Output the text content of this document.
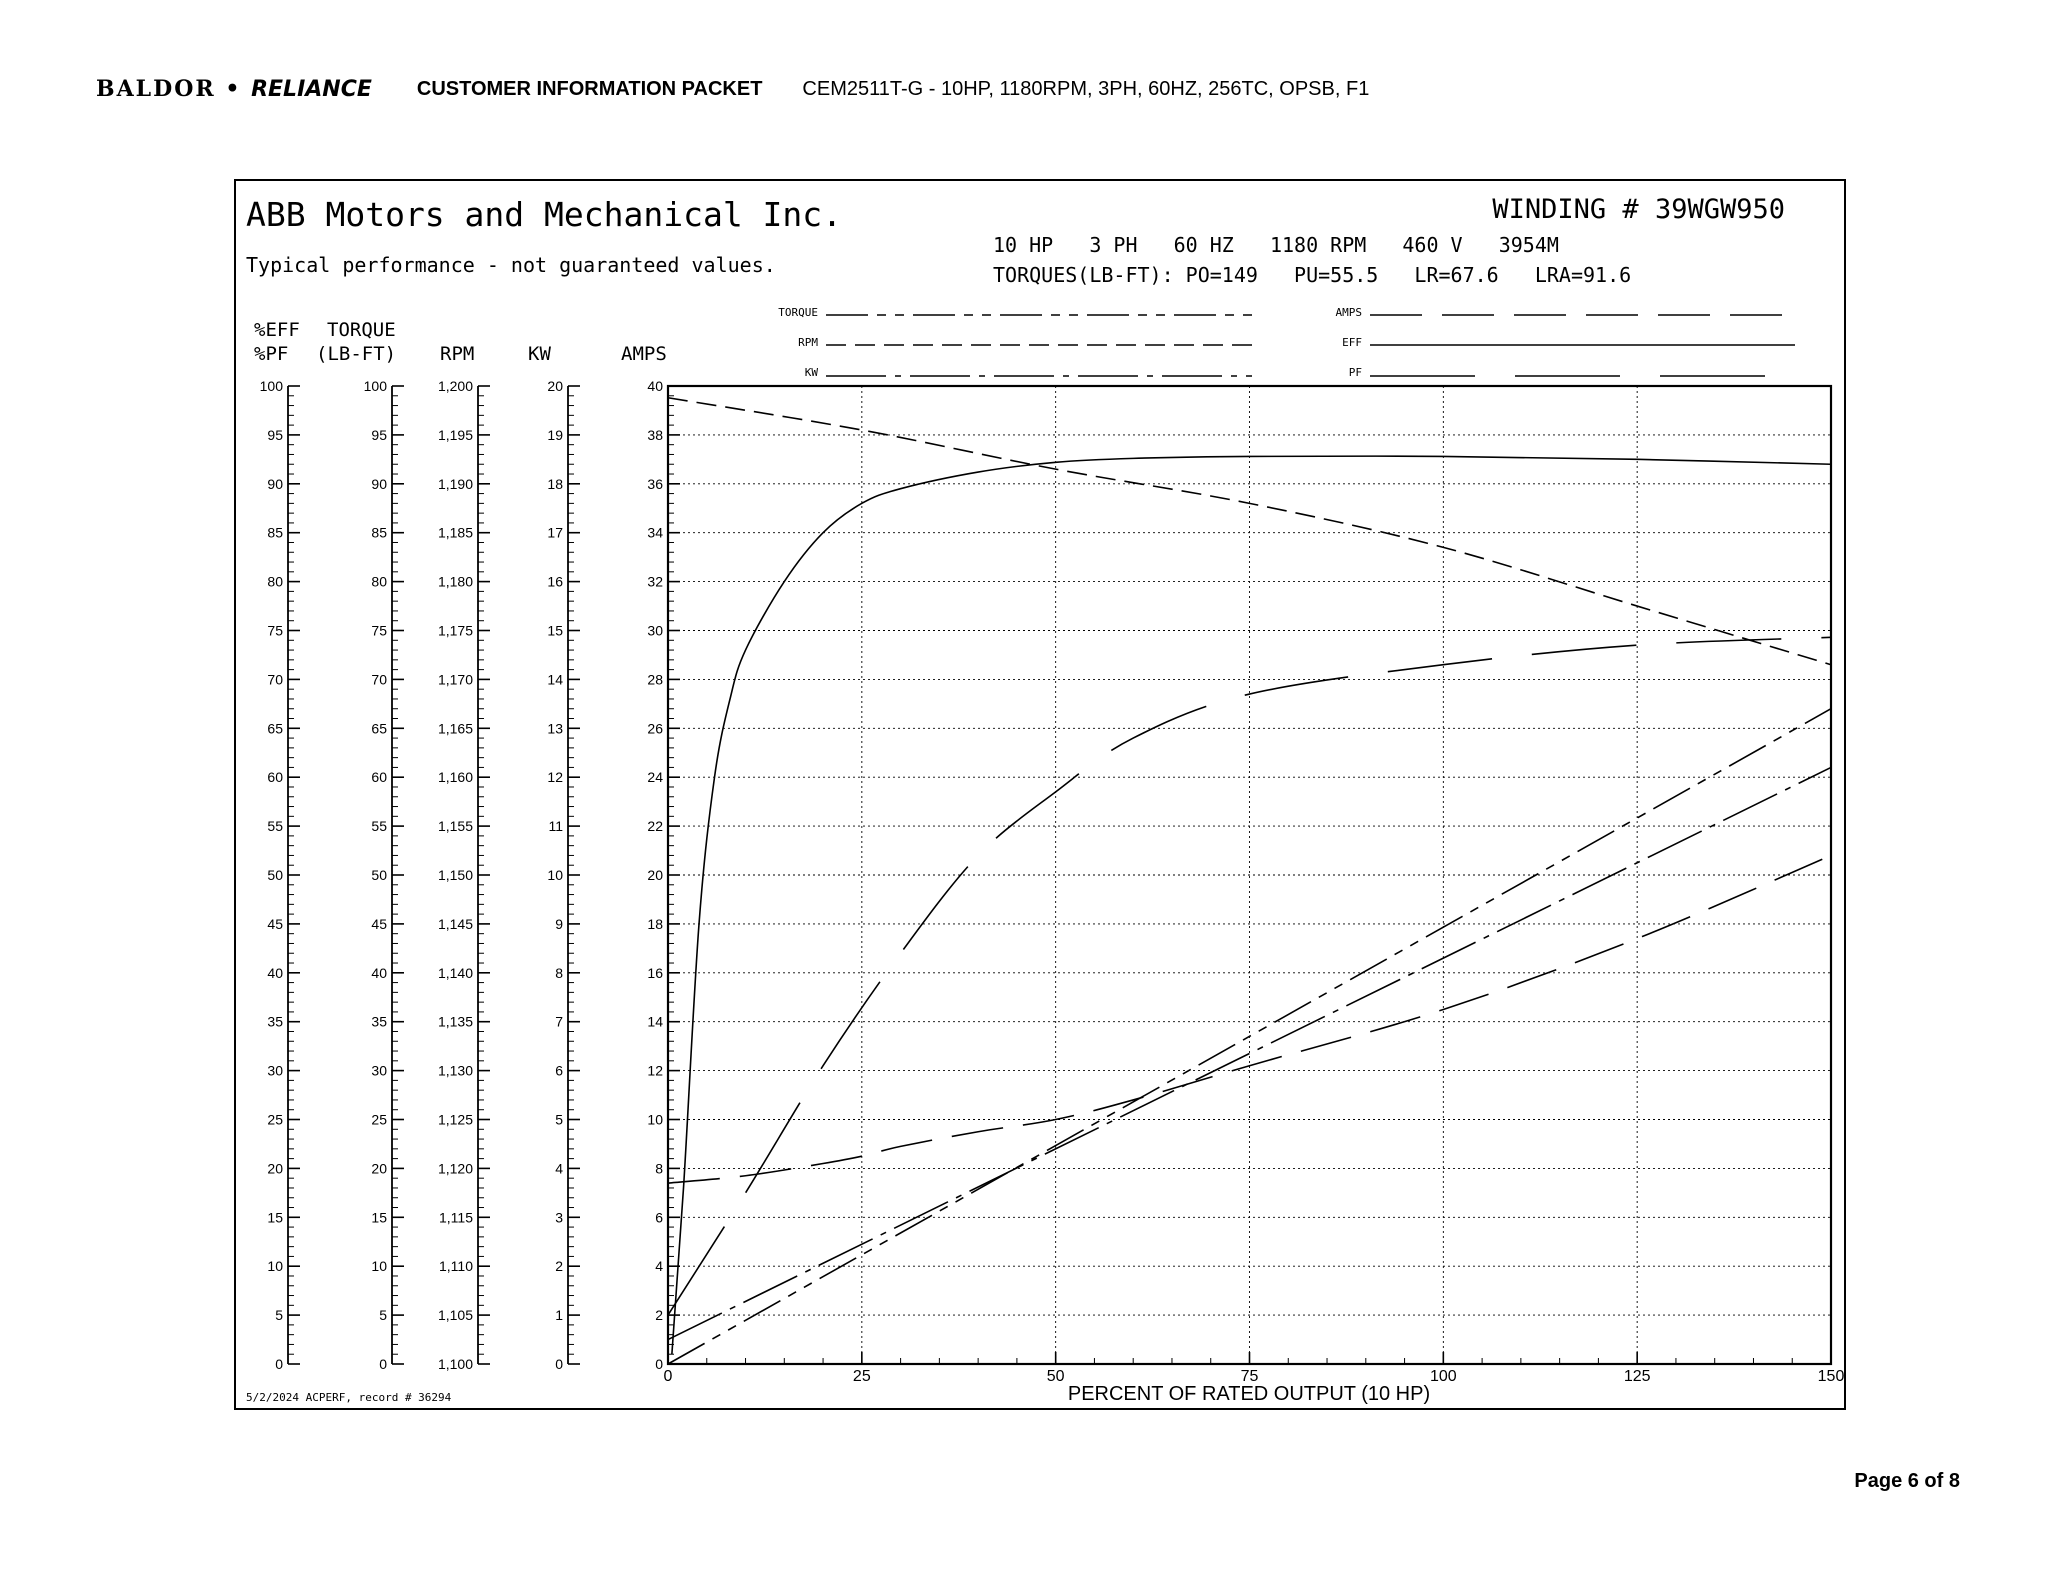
BALDOR • RELIANCE CUSTOMER INFORMATION PACKET CEM2511T-G - 10HP, 1180RPM, 3PH, 60HZ, 256TC, OPSB, F1
ABB Motors and Mechanical Inc.
Typical performance - not guaranteed values.
WINDING # 39WGW950
10 HP   3 PH   60 HZ   1180 RPM   460 V   3954M
TORQUES(LB-FT): PO=149   PU=55.5   LR=67.6   LRA=91.6
TORQUE
RPM
KW
AMPS
EFF
PF
%EFF
%PF
TORQUE
(LB-FT) RPM	KW	AMPS
100
95
90
85
80
75
70
65
60
55
50
45
40
35
30
25
20
15
10
5
0
100
95
90
85
80
75
70
65
60
55
50
45
40
35
30
25
20
15
10
5
0
1,200
1,195
1,190
1,185
1,180
1,175
1,170
1,165
1,160
1,155
1,150
1,145
1,140
1,135
1,130
1,125
1,120
1,115
1,110
1,105
1,100
20
19
18
17
16
15
14
13
12
11
10
9
8
7
6
5
4
3
2
1
0
40
38
36
34
32
30
28
26
24
22
20
18
16
14
12
10
8
6
4
2
0
0	25	50	75	100	125	150
PERCENT OF RATED OUTPUT (10 HP)
5/2/2024 ACPERF, record # 36294
Page 6 of 8
